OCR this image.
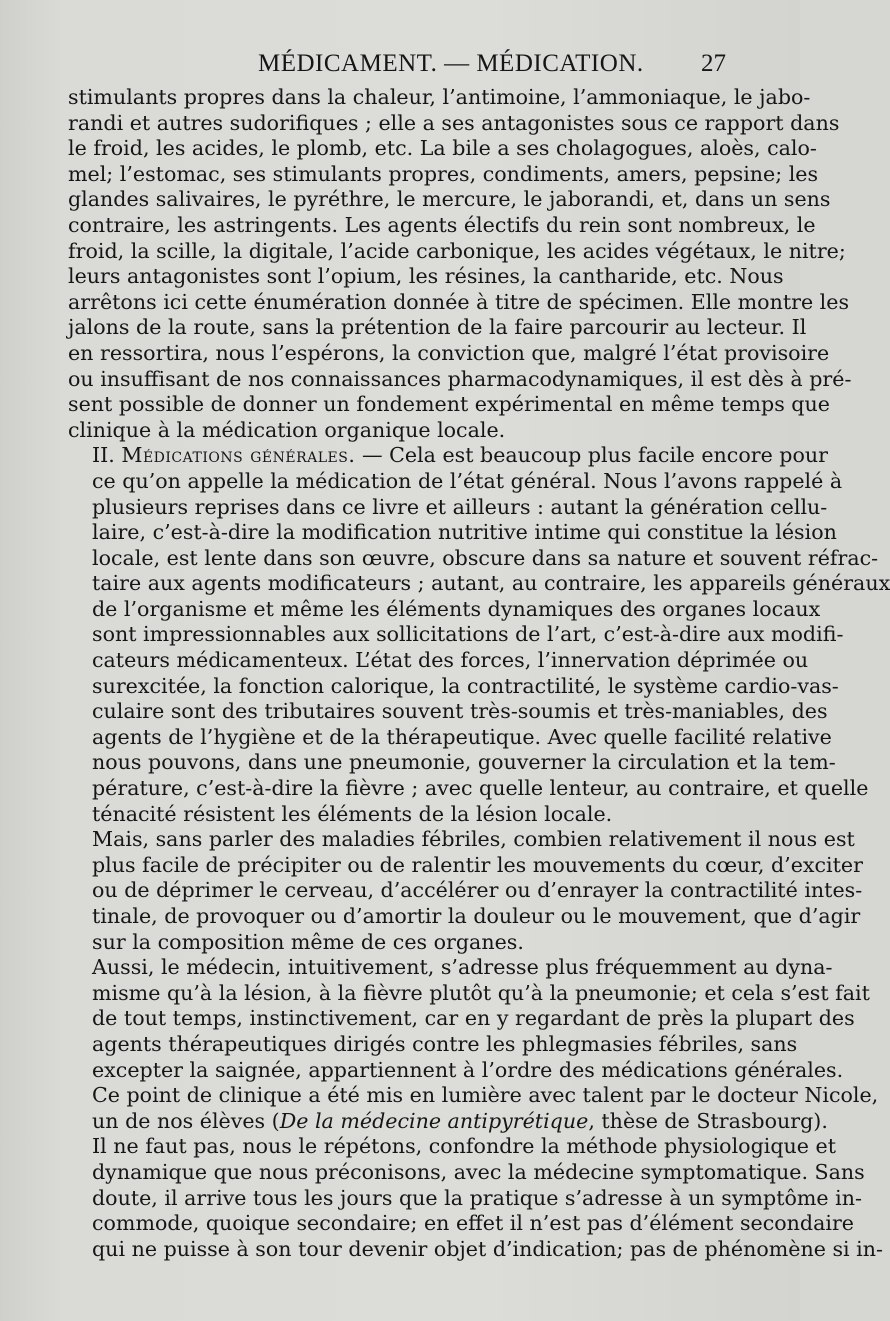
MÉDICAMENT. — MÉDICATION. 27

stimulants propres dans la chaleur, l’antimoine, l’ammoniaque, le jabo-
randi et autres sudorifiques ; elle a ses antagonistes sous ce rapport dans
le froid, les acides, le plomb, etc. La bile a ses cholagogues, aloès, calo-
mel; l’estomac, ses stimulants propres, condiments, amers, pepsine; les
glandes salivaires, le pyréthre, le mercure, le jaborandi, et, dans un sens
contraire, les astringents. Les agents électifs du rein sont nombreux, le
froid, la scille, la digitale, l’acide carbonique, les acides végétaux, le nitre;
leurs antagonistes sont l’opium, les résines, la cantharide, etc. Nous
arrêtons ici cette énumération donnée à titre de spécimen. Elle montre les
jalons de la route, sans la prétention de la faire parcourir au lecteur. Il
en ressortira, nous l’espérons, la conviction que, malgré l’état provisoire
ou insuffisant de nos connaissances pharmacodynamiques, il est dès à pré-
sent possible de donner un fondement expérimental en même temps que
clinique à la médication organique locale.

II. Médications générales. — Cela est beaucoup plus facile encore pour
ce qu’on appelle la médication de l’état général. Nous l’avons rappelé à
plusieurs reprises dans ce livre et ailleurs : autant la génération cellu-
laire, c’est-à-dire la modification nutritive intime qui constitue la lésion
locale, est lente dans son œuvre, obscure dans sa nature et souvent réfrac-
taire aux agents modificateurs ; autant, au contraire, les appareils généraux
de l’organisme et même les éléments dynamiques des organes locaux
sont impressionnables aux sollicitations de l’art, c’est-à-dire aux modifi-
cateurs médicamenteux. L’état des forces, l’innervation déprimée ou
surexcitée, la fonction calorique, la contractilité, le système cardio-vas-
culaire sont des tributaires souvent très-soumis et très-maniables, des
agents de l’hygiène et de la thérapeutique. Avec quelle facilité relative
nous pouvons, dans une pneumonie, gouverner la circulation et la tem-
pérature, c’est-à-dire la fièvre ; avec quelle lenteur, au contraire, et quelle
ténacité résistent les éléments de la lésion locale.

Mais, sans parler des maladies fébriles, combien relativement il nous est
plus facile de précipiter ou de ralentir les mouvements du cœur, d’exciter
ou de déprimer le cerveau, d’accélérer ou d’enrayer la contractilité intes-
tinale, de provoquer ou d’amortir la douleur ou le mouvement, que d’agir
sur la composition même de ces organes.

Aussi, le médecin, intuitivement, s’adresse plus fréquemment au dyna-
misme qu’à la lésion, à la fièvre plutôt qu’à la pneumonie; et cela s’est fait
de tout temps, instinctivement, car en y regardant de près la plupart des
agents thérapeutiques dirigés contre les phlegmasies fébriles, sans
excepter la saignée, appartiennent à l’ordre des médications générales.
Ce point de clinique a été mis en lumière avec talent par le docteur Nicole,
un de nos élèves (De la médecine antipyrétique, thèse de Strasbourg).

Il ne faut pas, nous le répétons, confondre la méthode physiologique et
dynamique que nous préconisons, avec la médecine symptomatique. Sans
doute, il arrive tous les jours que la pratique s’adresse à un symptôme in-
commode, quoique secondaire; en effet il n’est pas d’élément secondaire
qui ne puisse à son tour devenir objet d’indication; pas de phénomène si in-
